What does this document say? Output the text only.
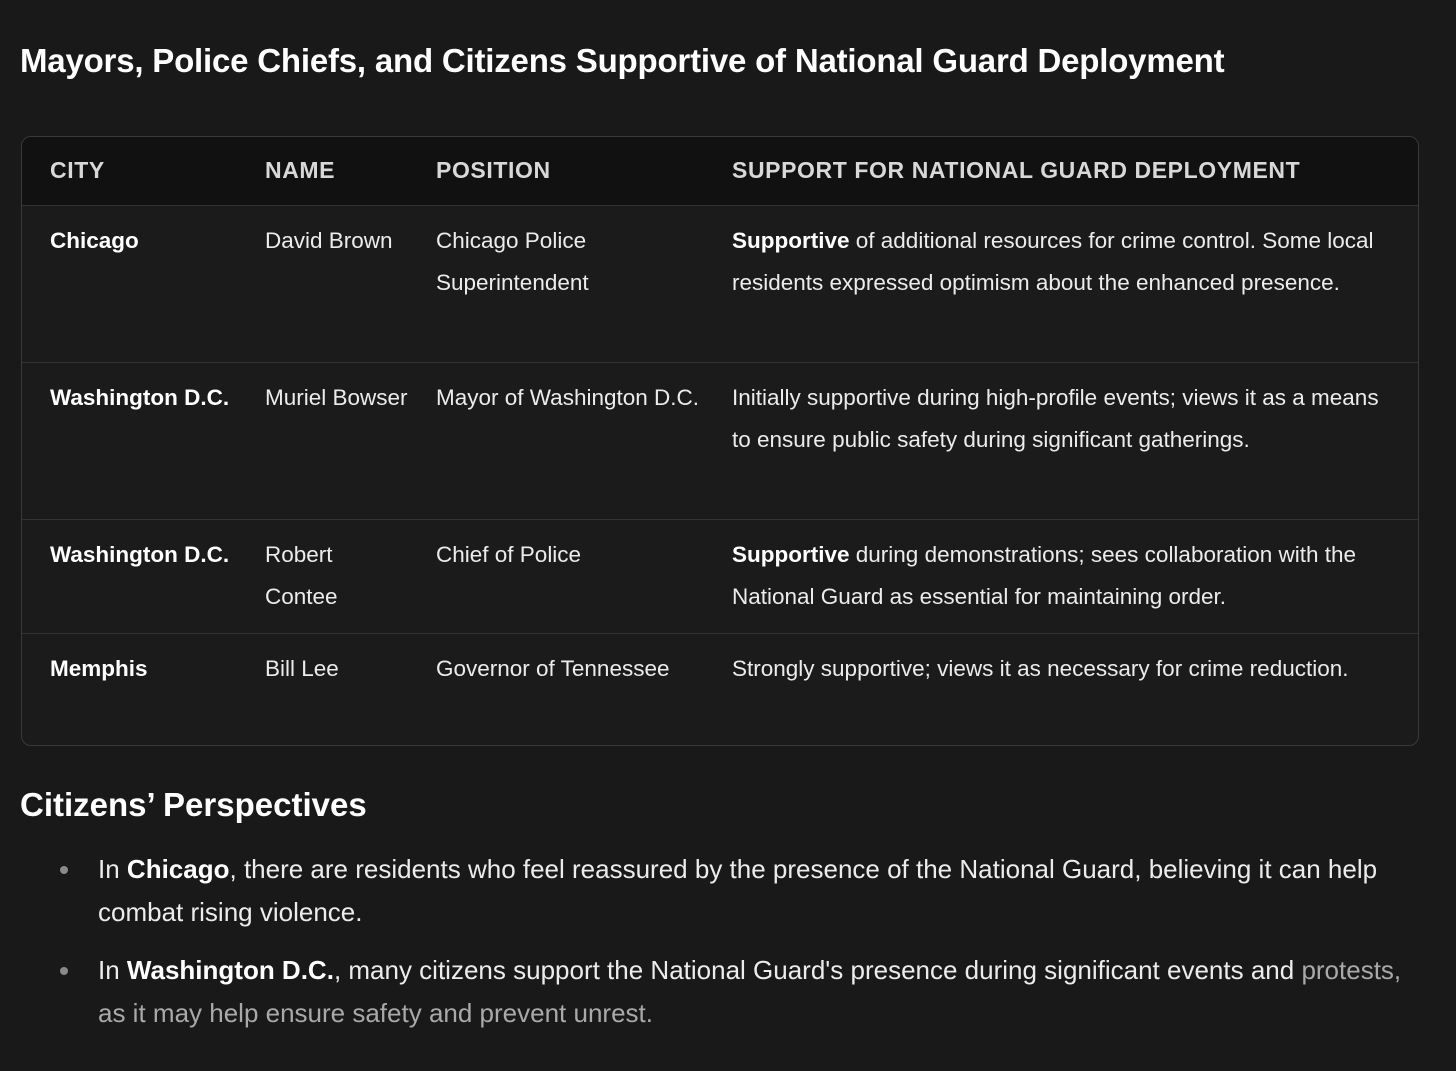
Mayors, Police Chiefs, and Citizens Supportive of National Guard Deployment
CITY	NAME	POSITION	SUPPORT FOR NATIONAL GUARD DEPLOYMENT
Chicago	David Brown	Chicago Police Superintendent	Supportive of additional resources for crime control. Some local residents expressed optimism about the enhanced presence.
Washington D.C.	Muriel Bowser	Mayor of Washington D.C.	Initially supportive during high-profile events; views it as a means to ensure public safety during significant gatherings.
Washington D.C.	Robert Contee	Chief of Police	Supportive during demonstrations; sees collaboration with the National Guard as essential for maintaining order.
Memphis	Bill Lee	Governor of Tennessee	Strongly supportive; views it as necessary for crime reduction.
Citizens’ Perspectives
In Chicago, there are residents who feel reassured by the presence of the National Guard, believing it can help combat rising violence.
In Washington D.C., many citizens support the National Guard's presence during significant events and protests, as it may help ensure safety and prevent unrest.
